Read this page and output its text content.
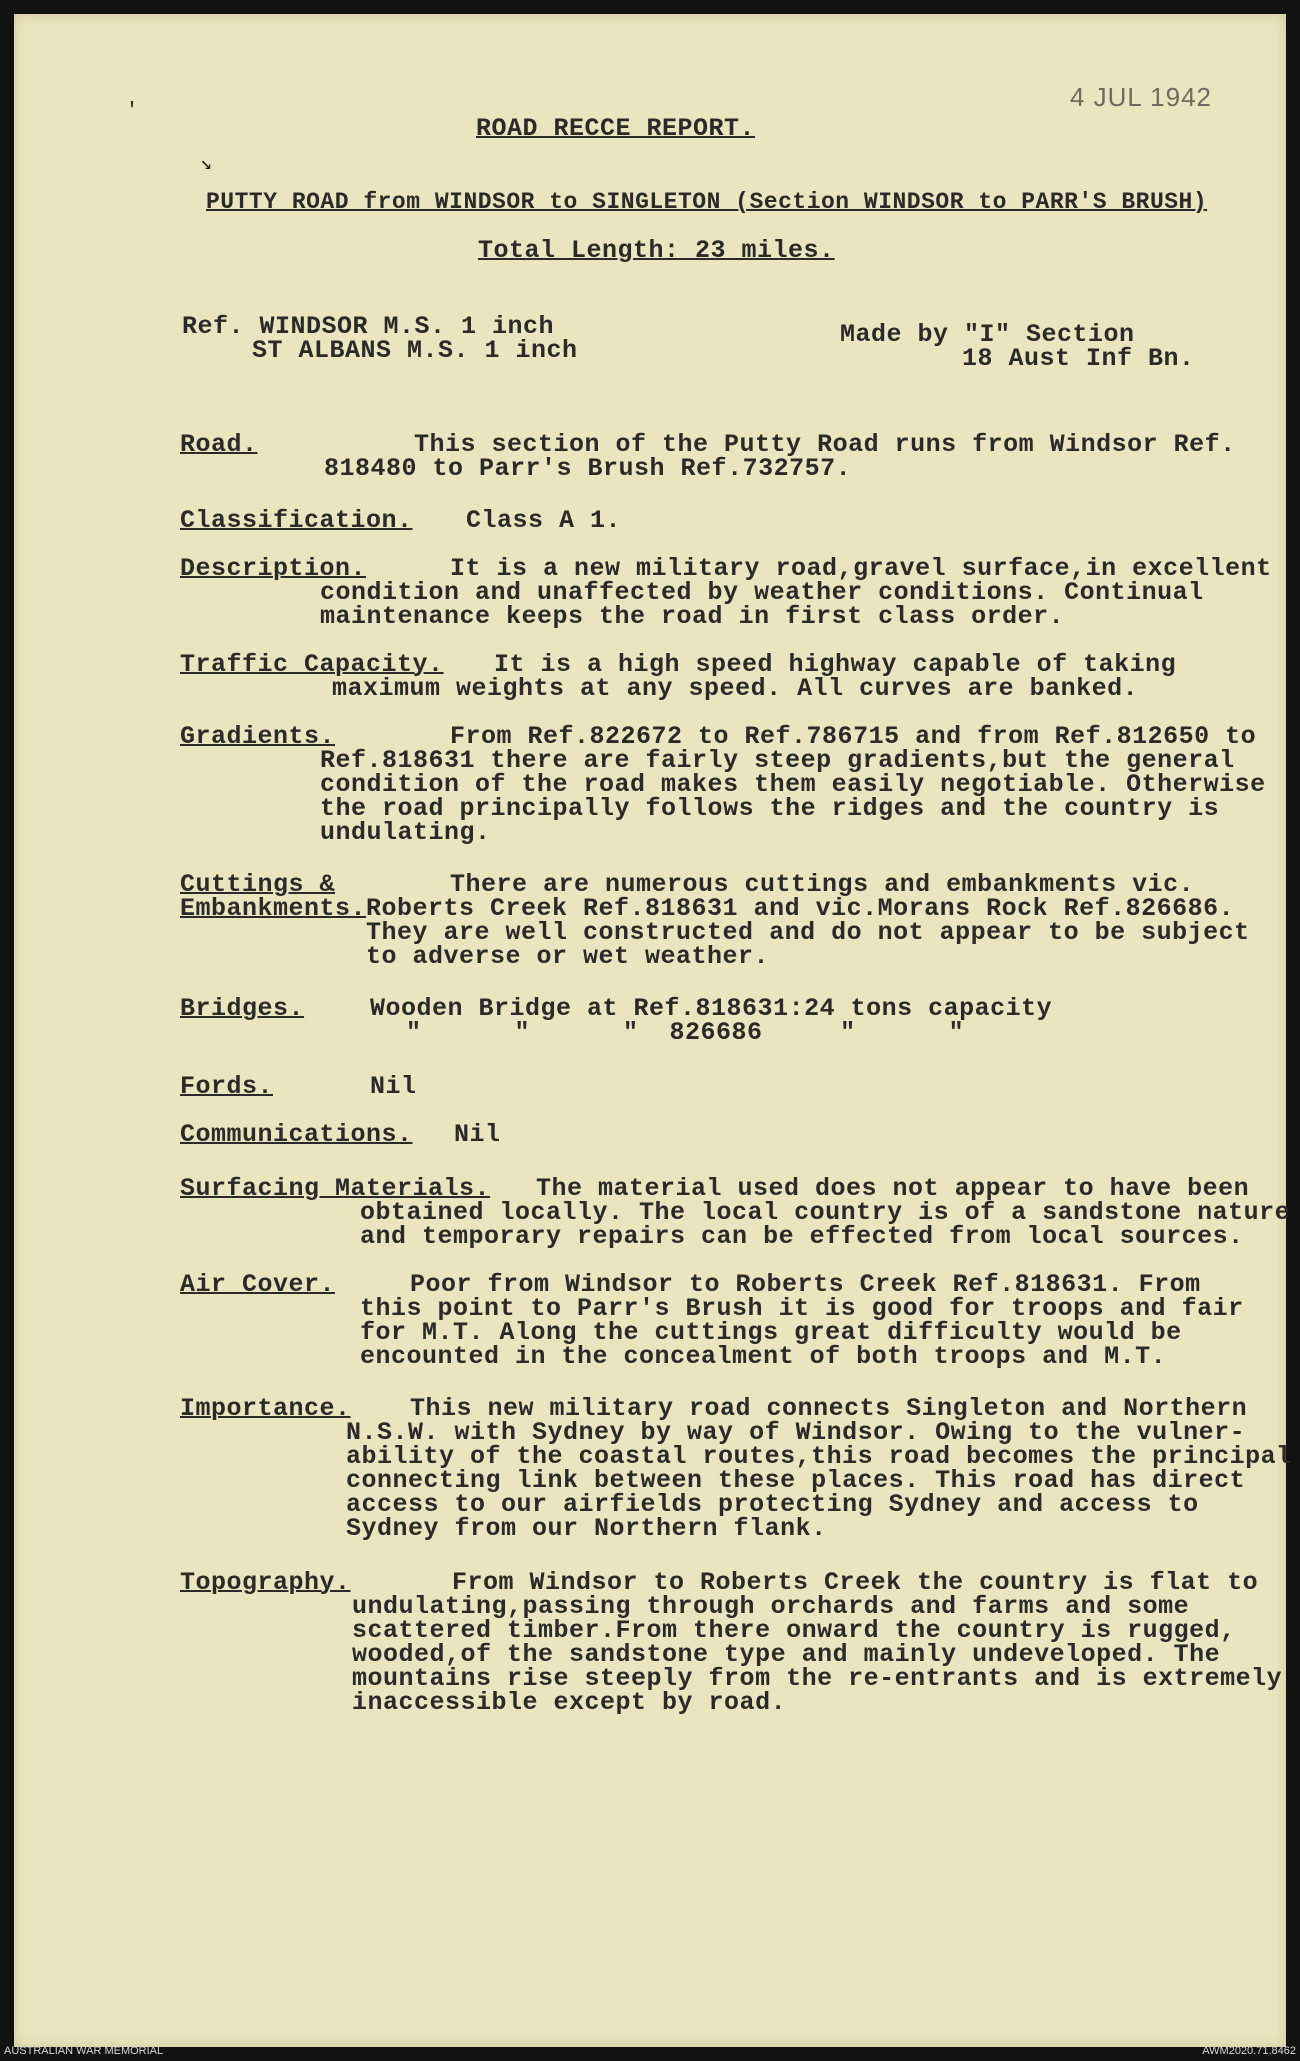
'
↘
4 JUL 1942
ROAD RECCE REPORT.
PUTTY ROAD from WINDSOR to SINGLETON (Section WINDSOR to PARR'S BRUSH)
Total Length: 23 miles.
Ref. WINDSOR M.S. 1 inch
ST ALBANS M.S. 1 inch
Made by "I" Section
18 Aust Inf Bn.
Road.	This section of the Putty Road runs from Windsor Ref.
818480 to Parr's Brush Ref.732757.
Classification. Class A 1.
Description.	It is a new military road,gravel surface,in excellent
condition and unaffected by weather conditions. Continual
maintenance keeps the road in first class order.
Traffic Capacity. It is a high speed highway capable of taking
maximum weights at any speed. All curves are banked.
Gradients.	From Ref.822672 to Ref.786715 and from Ref.812650 to
Ref.818631 there are fairly steep gradients,but the general
condition of the road makes them easily negotiable. Otherwise
the road principally follows the ridges and the country is
undulating.
Cuttings &
Embankments.
There are numerous cuttings and embankments vic.
Roberts Creek Ref.818631 and vic.Morans Rock Ref.826686.
They are well constructed and do not appear to be subject
to adverse or wet weather.
Bridges.	Wooden Bridge at Ref.818631:24 tons capacity
"      "      "  826686     "      "
Fords.	Nil
Communications. Nil
Surfacing Materials. The material used does not appear to have been
obtained locally. The local country is of a sandstone nature
and temporary repairs can be effected from local sources.
Air Cover.	Poor from Windsor to Roberts Creek Ref.818631. From
this point to Parr's Brush it is good for troops and fair
for M.T. Along the cuttings great difficulty would be
encounted in the concealment of both troops and M.T.
Importance. This new military road connects Singleton and Northern
N.S.W. with Sydney by way of Windsor. Owing to the vulner-
ability of the coastal routes,this road becomes the principal
connecting link between these places. This road has direct
access to our airfields protecting Sydney and access to
Sydney from our Northern flank.
Topography.	From Windsor to Roberts Creek the country is flat to
undulating,passing through orchards and farms and some
scattered timber.From there onward the country is rugged,
wooded,of the sandstone type and mainly undeveloped. The
mountains rise steeply from the re-entrants and is extremely
inaccessible except by road.
AUSTRALIAN WAR MEMORIAL	AWM2020.71.8462
